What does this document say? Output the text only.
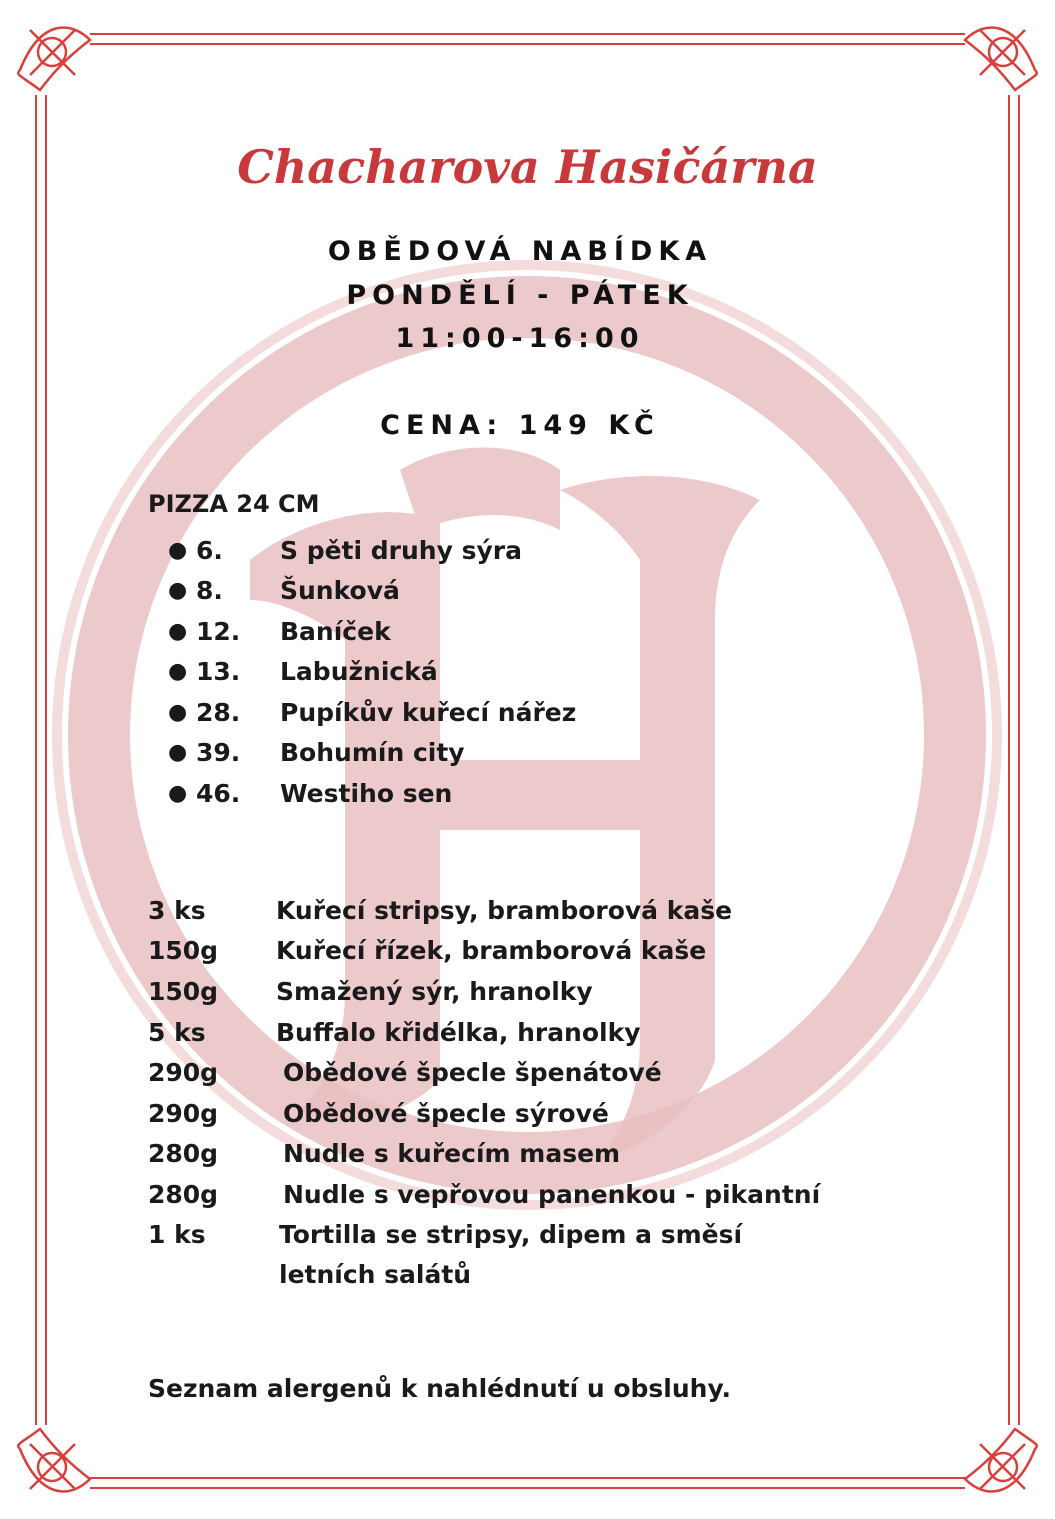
Chacharova Hasičárna
OBĚDOVÁ NABÍDKA
PONDĚLÍ - PÁTEK
11:00-16:00
CENA: 149 KČ
PIZZA 24 CM
● 6.	S pěti druhy sýra
● 8.	Šunková
● 12.	Baníček
● 13.	Labužnická
● 28.	Pupíkův kuřecí nářez
● 39.	Bohumín city
● 46.	Westiho sen
3 ks	Kuřecí stripsy, bramborová kaše
150g	Kuřecí řízek, bramborová kaše
150g	Smažený sýr, hranolky
5 ks	Buffalo křidélka, hranolky
290g	Obědové špecle špenátové
290g	Obědové špecle sýrové
280g	Nudle s kuřecím masem
280g	Nudle s vepřovou panenkou - pikantní
1 ks	Tortilla se stripsy, dipem a směsí letních salátů
Seznam alergenů k nahlédnutí u obsluhy.
